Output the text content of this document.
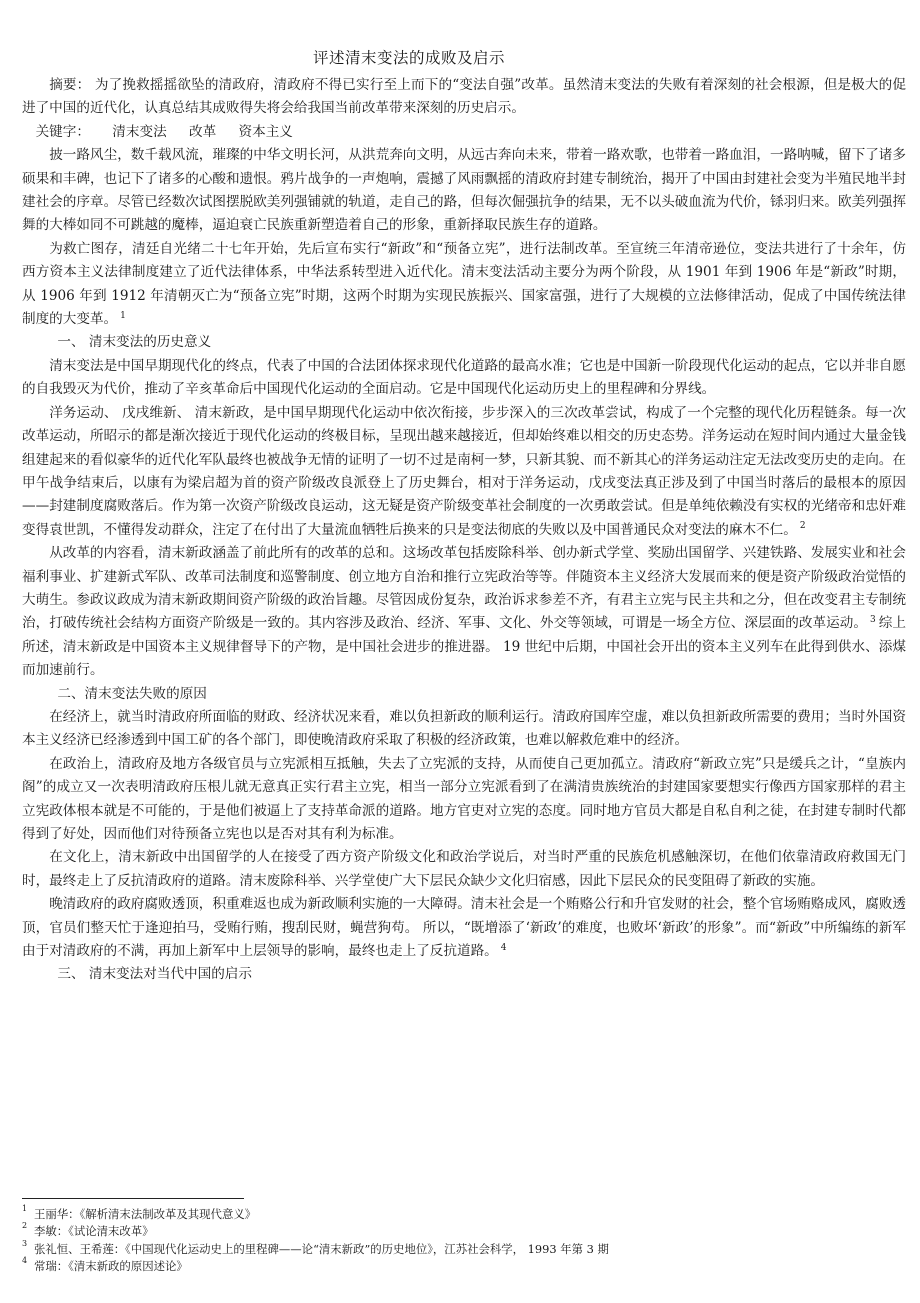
评述清末变法的成败及启示

摘要： 为了挽救摇摇欲坠的清政府，清政府不得已实行至上而下的“变法自强”改革。虽然清末变法的失败有着深刻的社会根源，但是极大的促进了中国的近代化，认真总结其成败得失将会给我国当前改革带来深刻的历史启示。

关键字： 清末变法 改革 资本主义

披一路风尘，数千载风流，璀璨的中华文明长河，从洪荒奔向文明，从远古奔向未来，带着一路欢歌，也带着一路血泪，一路呐喊，留下了诸多硕果和丰碑，也记下了诸多的心酸和遗恨。鸦片战争的一声炮响，震撼了风雨飘摇的清政府封建专制统治，揭开了中国由封建社会变为半殖民地半封建社会的序章。尽管已经数次试图摆脱欧美列强铺就的轨道，走自己的路，但每次倔强抗争的结果，无不以头破血流为代价，铩羽归来。欧美列强挥舞的大棒如同不可跳越的魔棒，逼迫衰亡民族重新塑造着自己的形象，重新择取民族生存的道路。

为救亡图存，清廷自光绪二十七年开始，先后宣布实行“新政”和“预备立宪”，进行法制改革。至宣统三年清帝逊位，变法共进行了十余年，仿西方资本主义法律制度建立了近代法律体系，中华法系转型进入近代化。清末变法活动主要分为两个阶段，从 1901 年到 1906 年是“新政”时期，从 1906 年到 1912 年清朝灭亡为“预备立宪”时期，这两个时期为实现民族振兴、国家富强，进行了大规模的立法修律活动，促成了中国传统法律制度的大变革。 $^1$

一、 清末变法的历史意义

清末变法是中国早期现代化的终点，代表了中国的合法团体探求现代化道路的最高水准；它也是中国新一阶段现代化运动的起点，它以并非自愿的自我毁灭为代价，推动了辛亥革命后中国现代化运动的全面启动。它是中国现代化运动历史上的里程碑和分界线。

洋务运动、 戊戌维新、 清末新政，是中国早期现代化运动中依次衔接，步步深入的三次改革尝试，构成了一个完整的现代化历程链条。每一次改革运动，所昭示的都是渐次接近于现代化运动的终极目标，呈现出越来越接近，但却始终难以相交的历史态势。洋务运动在短时间内通过大量金钱组建起来的看似豪华的近代化军队最终也被战争无情的证明了一切不过是南柯一梦，只新其貌、而不新其心的洋务运动注定无法改变历史的走向。在甲午战争结束后，以康有为梁启超为首的资产阶级改良派登上了历史舞台，相对于洋务运动，戊戌变法真正涉及到了中国当时落后的最根本的原因——封建制度腐败落后。作为第一次资产阶级改良运动，这无疑是资产阶级变革社会制度的一次勇敢尝试。但是单纯依赖没有实权的光绪帝和忠奸难变得袁世凯，不懂得发动群众，注定了在付出了大量流血牺牲后换来的只是变法彻底的失败以及中国普通民众对变法的麻木不仁。 $^2$

从改革的内容看，清末新政涵盖了前此所有的改革的总和。这场改革包括废除科举、创办新式学堂、奖励出国留学、兴建铁路、发展实业和社会福利事业、扩建新式军队、改革司法制度和巡警制度、创立地方自治和推行立宪政治等等。伴随资本主义经济大发展而来的便是资产阶级政治觉悟的大萌生。参政议政成为清末新政期间资产阶级的政治旨趣。尽管因成份复杂，政治诉求参差不齐，有君主立宪与民主共和之分，但在改变君主专制统治，打破传统社会结构方面资产阶级是一致的。其内容涉及政治、经济、军事、文化、外交等领域，可谓是一场全方位、深层面的改革运动。 $^3$ 综上所述，清末新政是中国资本主义规律督导下的产物，是中国社会进步的推进器。 19 世纪中后期，中国社会开出的资本主义列车在此得到供水、添煤而加速前行。

二、清末变法失败的原因

在经济上，就当时清政府所面临的财政、经济状况来看，难以负担新政的顺利运行。清政府国库空虚，难以负担新政所需要的费用；当时外国资本主义经济已经渗透到中国工矿的各个部门，即使晚清政府采取了积极的经济政策，也难以解救危难中的经济。

在政治上，清政府及地方各级官员与立宪派相互抵触，失去了立宪派的支持，从而使自己更加孤立。清政府“新政立宪”只是缓兵之计，“皇族内阁”的成立又一次表明清政府压根儿就无意真正实行君主立宪，相当一部分立宪派看到了在满清贵族统治的封建国家要想实行像西方国家那样的君主立宪政体根本就是不可能的，于是他们被逼上了支持革命派的道路。地方官吏对立宪的态度。同时地方官员大都是自私自利之徒，在封建专制时代都得到了好处，因而他们对待预备立宪也以是否对其有利为标准。

在文化上，清末新政中出国留学的人在接受了西方资产阶级文化和政治学说后，对当时严重的民族危机感触深切，在他们依靠清政府救国无门时，最终走上了反抗清政府的道路。清末废除科举、兴学堂使广大下层民众缺少文化归宿感，因此下层民众的民变阻碍了新政的实施。

晚清政府的政府腐败透顶，积重难返也成为新政顺利实施的一大障碍。清末社会是一个贿赂公行和升官发财的社会，整个官场贿赂成风，腐败透顶，官员们整天忙于逢迎拍马，受贿行贿，搜刮民财，蝇营狗苟。 所以，“既增添了‘新政’的难度，也败坏‘新政’的形象”。而“新政”中所编练的新军由于对清政府的不满，再加上新军中上层领导的影响，最终也走上了反抗道路。 $^4$

三、 清末变法对当代中国的启示
1 王丽华：《解析清末法制改革及其现代意义》
2 李敏：《试论清末改革》
3 张礼恒、王希莲：《中国现代化运动史上的里程碑——论“清末新政”的历史地位》，江苏社会科学， 1993 年第 3 期
4 常瑞：《清末新政的原因述论》
